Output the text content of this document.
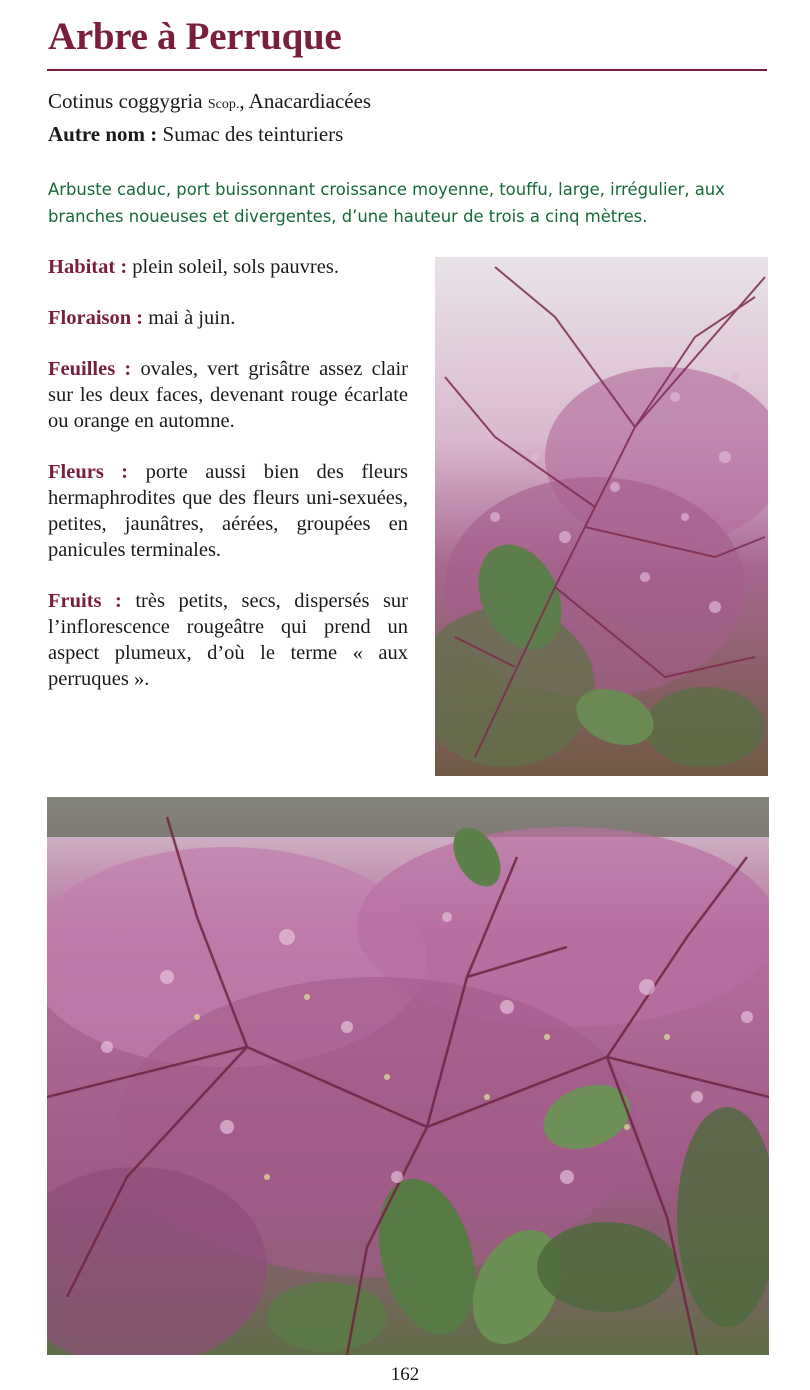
Arbre à Perruque
Cotinus coggygria Scop., Anacardiacées
Autre nom : Sumac des teinturiers
Arbuste caduc, port buissonnant croissance moyenne, touffu, large, irrégulier, aux branches noueuses et divergentes, d’une hauteur de trois a cinq mètres.

Habitat : plein soleil, sols pauvres.

Floraison : mai à juin.

Feuilles : ovales, vert grisâtre assez clair sur les deux faces, devenant rouge écarlate ou orange en automne.

Fleurs : porte aussi bien des fleurs hermaphrodites que des fleurs uni-sexuées, petites, jaunâtres, aérées, groupées en panicules terminales.

Fruits : très petits, secs, dispersés sur l’inflorescence rougeâtre qui prend un aspect plumeux, d’où le terme « aux perruques ».

162
